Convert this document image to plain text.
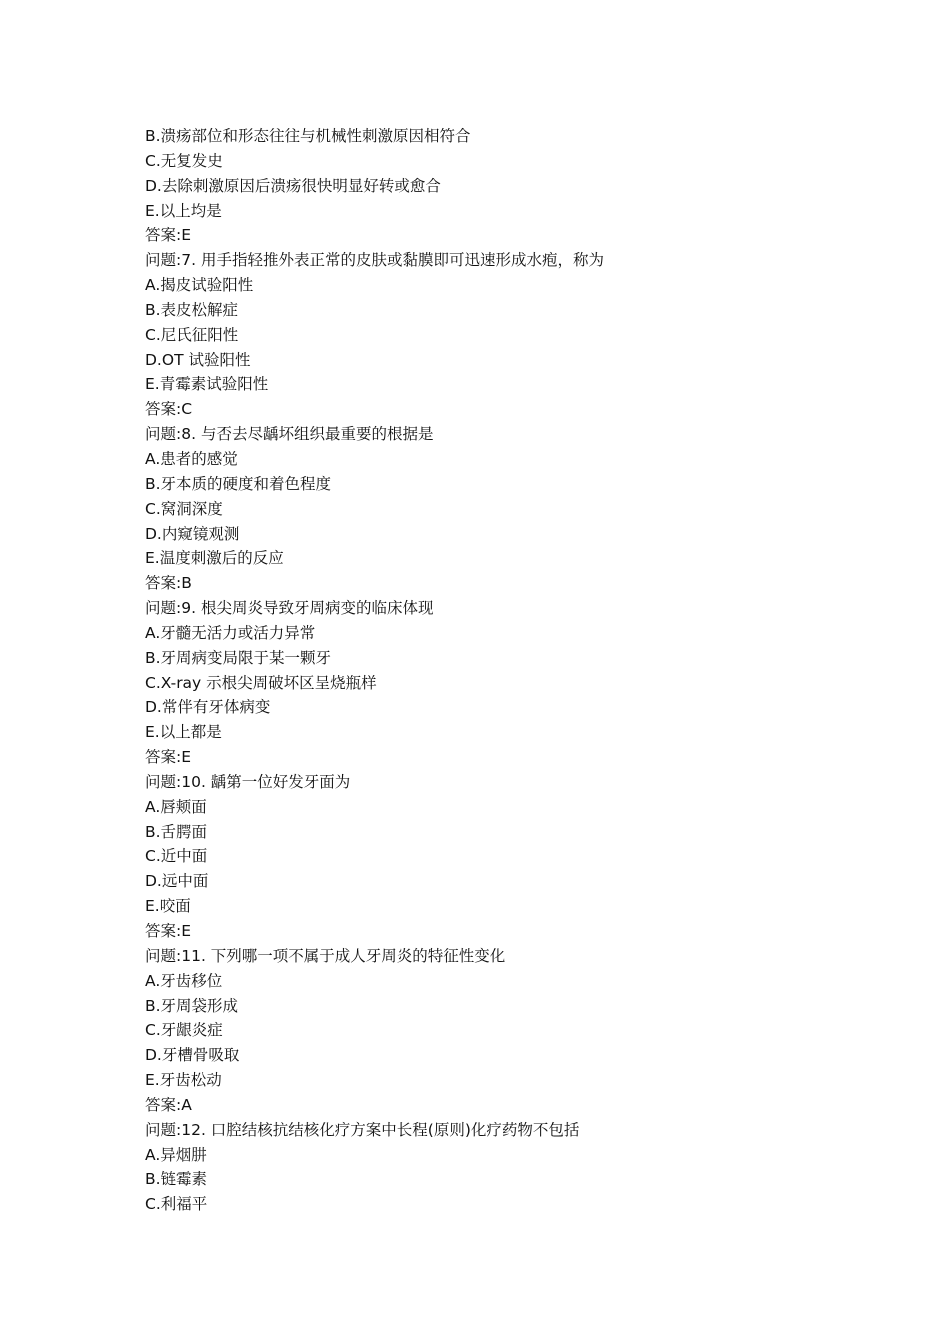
B.溃疡部位和形态往往与机械性刺激原因相符合
C.无复发史
D.去除刺激原因后溃疡很快明显好转或愈合
E.以上均是
答案:E
问题:7. 用手指轻推外表正常的皮肤或黏膜即可迅速形成水疱，称为
A.揭皮试验阳性
B.表皮松解症
C.尼氏征阳性
D.OT 试验阳性
E.青霉素试验阳性
答案:C
问题:8. 与否去尽龋坏组织最重要的根据是
A.患者的感觉
B.牙本质的硬度和着色程度
C.窝洞深度
D.内窥镜观测
E.温度刺激后的反应
答案:B
问题:9. 根尖周炎导致牙周病变的临床体现
A.牙髓无活力或活力异常
B.牙周病变局限于某一颗牙
C.X-ray 示根尖周破坏区呈烧瓶样
D.常伴有牙体病变
E.以上都是
答案:E
问题:10. 龋第一位好发牙面为
A.唇颊面
B.舌腭面
C.近中面
D.远中面
E.咬面
答案:E
问题:11. 下列哪一项不属于成人牙周炎的特征性变化
A.牙齿移位
B.牙周袋形成
C.牙龈炎症
D.牙槽骨吸取
E.牙齿松动
答案:A
问题:12. 口腔结核抗结核化疗方案中长程(原则)化疗药物不包括
A.异烟肼
B.链霉素
C.利福平
